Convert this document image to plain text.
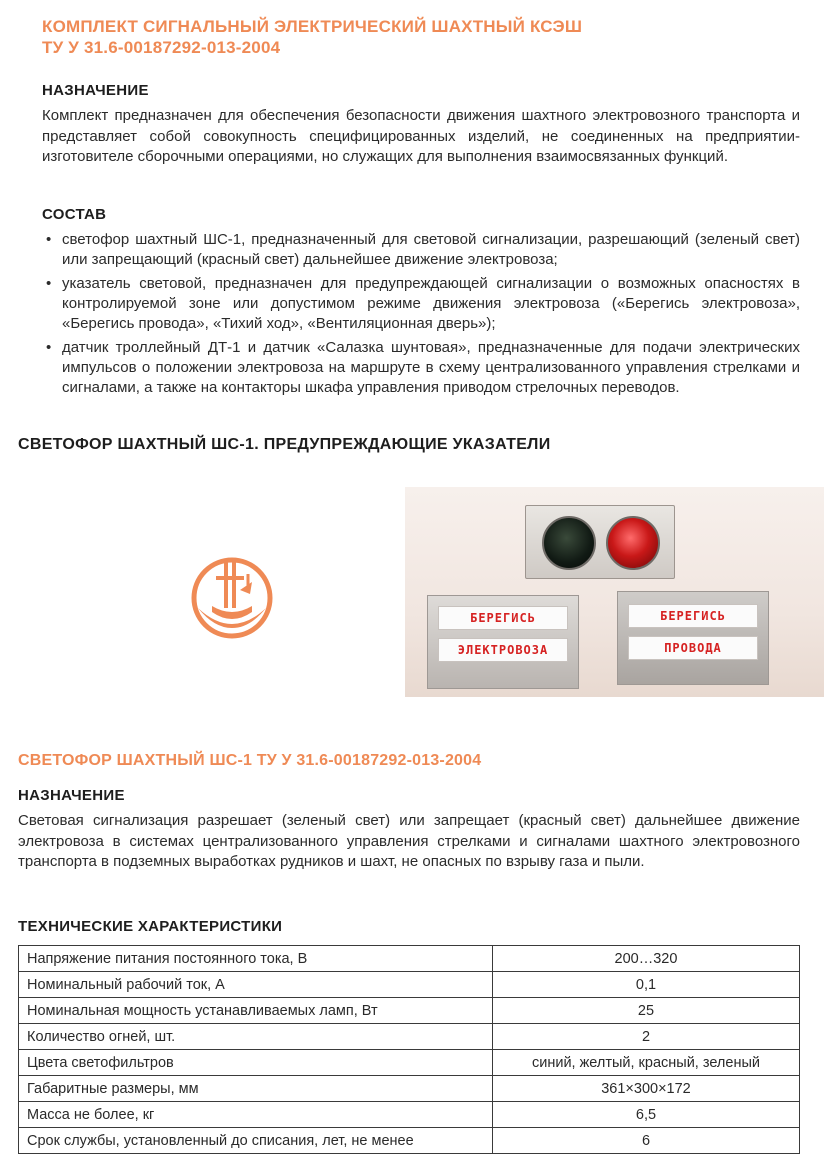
КОМПЛЕКТ СИГНАЛЬНЫЙ ЭЛЕКТРИЧЕСКИЙ ШАХТНЫЙ КСЭШ
ТУ У 31.6-00187292-013-2004
НАЗНАЧЕНИЕ
Комплект предназначен для обеспечения безопасности движения шахтного электровозного транспорта и представляет собой совокупность специфицированных изделий, не соединенных на предприятии-изготовителе сборочными операциями, но служащих для выполнения взаимосвязанных функций.
СОСТАВ
• светофор шахтный ШС-1, предназначенный для световой сигнализации, разрешающий (зеленый свет) или запрещающий (красный свет) дальнейшее движение электровоза;
• указатель световой, предназначен для предупреждающей сигнализации о возможных опасностях в контролируемой зоне или допустимом режиме движения электровоза («Берегись электровоза», «Берегись провода», «Тихий ход», «Вентиляционная дверь»);
• датчик троллейный ДТ-1 и датчик «Салазка шунтовая», предназначенные для подачи электрических импульсов о положении электровоза на маршруте в схему централизованного управления стрелками и сигналами, а также на контакторы шкафа управления приводом стрелочных переводов.
СВЕТОФОР ШАХТНЫЙ ШС-1. ПРЕДУПРЕЖДАЮЩИЕ УКАЗАТЕЛИ
БЕРЕГИСЬ
ЭЛЕКТРОВОЗА
БЕРЕГИСЬ
ПРОВОДА
СВЕТОФОР ШАХТНЫЙ ШС-1 ТУ У 31.6-00187292-013-2004
НАЗНАЧЕНИЕ
Световая сигнализация разрешает (зеленый свет) или запрещает (красный свет) дальнейшее движение электровоза в системах централизованного управления стрелками и сигналами шахтного электровозного транспорта в подземных выработках рудников и шахт, не опасных по взрыву газа и пыли.
ТЕХНИЧЕСКИЕ ХАРАКТЕРИСТИКИ
Напряжение питания постоянного тока, В	200…320
Номинальный рабочий ток, А	0,1
Номинальная мощность устанавливаемых ламп, Вт	25
Количество огней, шт.	2
Цвета светофильтров	синий, желтый, красный, зеленый
Габаритные размеры, мм	361×300×172
Масса не более, кг	6,5
Срок службы, установленный до списания, лет, не менее	6
